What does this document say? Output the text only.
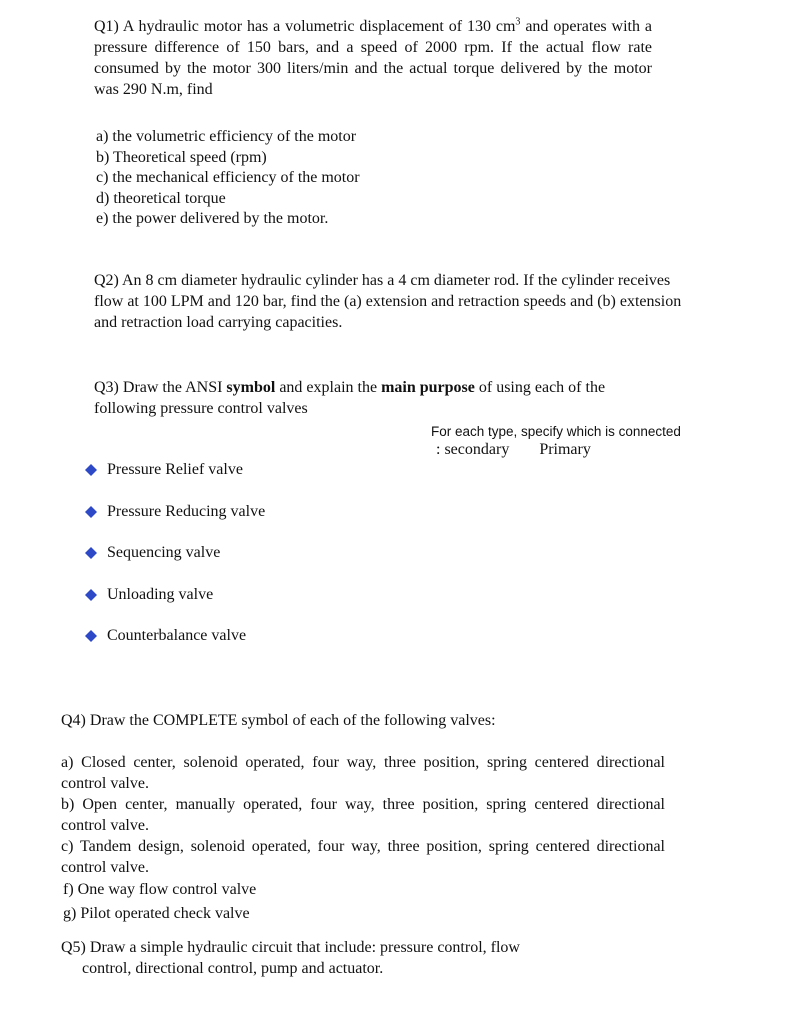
Q1) A hydraulic motor has a volumetric displacement of 130 $cm^3$ and operates with a pressure difference of 150 bars, and a speed of 2000 rpm. If the actual flow rate consumed by the motor 300 liters/min and the actual torque delivered by the motor was 290 N.m, find
a) the volumetric efficiency of the motor
b) Theoretical speed (rpm)
c) the mechanical efficiency of the motor
d) theoretical torque
e) the power delivered by the motor.
Q2) An 8 cm diameter hydraulic cylinder has a 4 cm diameter rod. If the cylinder receives flow at 100 LPM and 120 bar, find the (a) extension and retraction speeds and (b) extension and retraction load carrying capacities.
Q3) Draw the ANSI symbol and explain the main purpose of using each of the following pressure control valves
For each type, specify which is connected
: secondary Primary
Pressure Relief valve
Pressure Reducing valve
Sequencing valve
Unloading valve
Counterbalance valve
Q4) Draw the COMPLETE symbol of each of the following valves:
a) Closed center, solenoid operated, four way, three position, spring centered directional control valve.
b) Open center, manually operated, four way, three position, spring centered directional control valve.
c) Tandem design, solenoid operated, four way, three position, spring centered directional control valve.
f) One way flow control valve
g) Pilot operated check valve
Q5) Draw a simple hydraulic circuit that include: pressure control, flow
control, directional control, pump and actuator.
